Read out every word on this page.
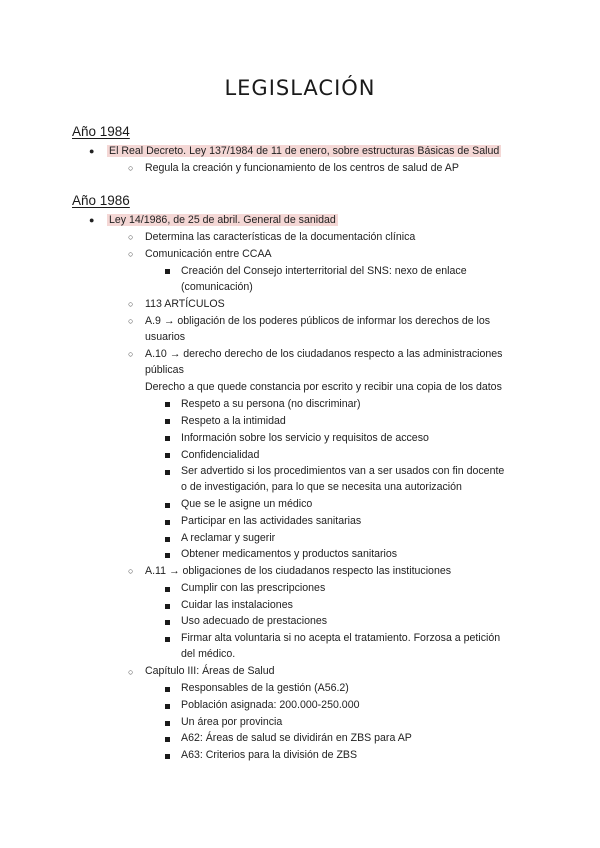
LEGISLACIÓN
Año 1984
● El Real Decreto. Ley 137/1984 de 11 de enero, sobre estructuras Básicas de Salud
○ Regula la creación y funcionamiento de los centros de salud de AP
Año 1986
● Ley 14/1986, de 25 de abril. General de sanidad
○ Determina las características de la documentación clínica
○ Comunicación entre CCAA
Creación del Consejo interterritorial del SNS: nexo de enlace
(comunicación)
○ 113 ARTÍCULOS
○ A.9 → obligación de los poderes públicos de informar los derechos de los
usuarios
○ A.10 → derecho derecho de los ciudadanos respecto a las administraciones
públicas
Derecho a que quede constancia por escrito y recibir una copia de los datos
Respeto a su persona (no discriminar)
Respeto a la intimidad
Información sobre los servicio y requisitos de acceso
Confidencialidad
Ser advertido si los procedimientos van a ser usados con fin docente
o de investigación, para lo que se necesita una autorización
Que se le asigne un médico
Participar en las actividades sanitarias
A reclamar y sugerir
Obtener medicamentos y productos sanitarios
○ A.11 → obligaciones de los ciudadanos respecto las instituciones
Cumplir con las prescripciones
Cuidar las instalaciones
Uso adecuado de prestaciones
Firmar alta voluntaria si no acepta el tratamiento. Forzosa a petición
del médico.
○ Capítulo III: Áreas de Salud
Responsables de la gestión (A56.2)
Población asignada: 200.000-250.000
Un área por provincia
A62: Áreas de salud se dividirán en ZBS para AP
A63: Criterios para la división de ZBS
